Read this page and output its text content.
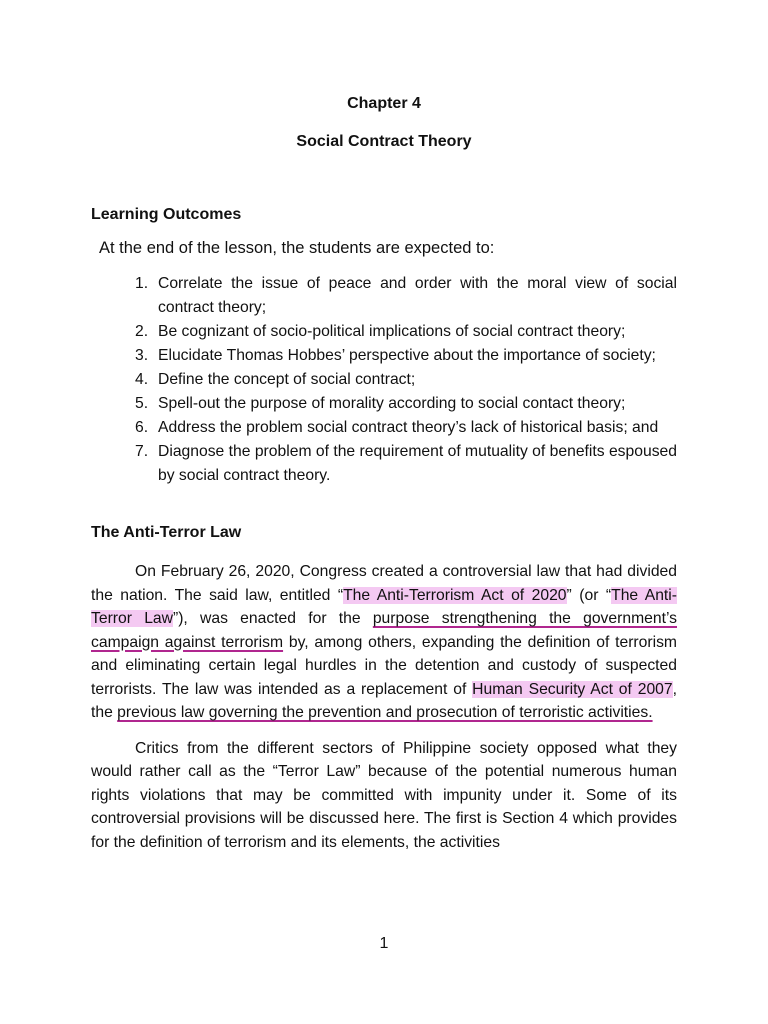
Chapter 4
Social Contract Theory
Learning Outcomes
At the end of the lesson, the students are expected to:
1. Correlate the issue of peace and order with the moral view of social contract theory;
2. Be cognizant of socio-political implications of social contract theory;
3. Elucidate Thomas Hobbes’ perspective about the importance of society;
4. Define the concept of social contract;
5. Spell-out the purpose of morality according to social contact theory;
6. Address the problem social contract theory’s lack of historical basis; and
7. Diagnose the problem of the requirement of mutuality of benefits espoused by social contract theory.
The Anti-Terror Law

On February 26, 2020, Congress created a controversial law that had divided the nation. The said law, entitled “The Anti-Terrorism Act of 2020” (or “The Anti-Terror Law”), was enacted for the purpose strengthening the government’s campaign against terrorism by, among others, expanding the definition of terrorism and eliminating certain legal hurdles in the detention and custody of suspected terrorists. The law was intended as a replacement of Human Security Act of 2007, the previous law governing the prevention and prosecution of terroristic activities.

Critics from the different sectors of Philippine society opposed what they would rather call as the “Terror Law” because of the potential numerous human rights violations that may be committed with impunity under it. Some of its controversial provisions will be discussed here. The first is Section 4 which provides for the definition of terrorism and its elements, the activities

1
